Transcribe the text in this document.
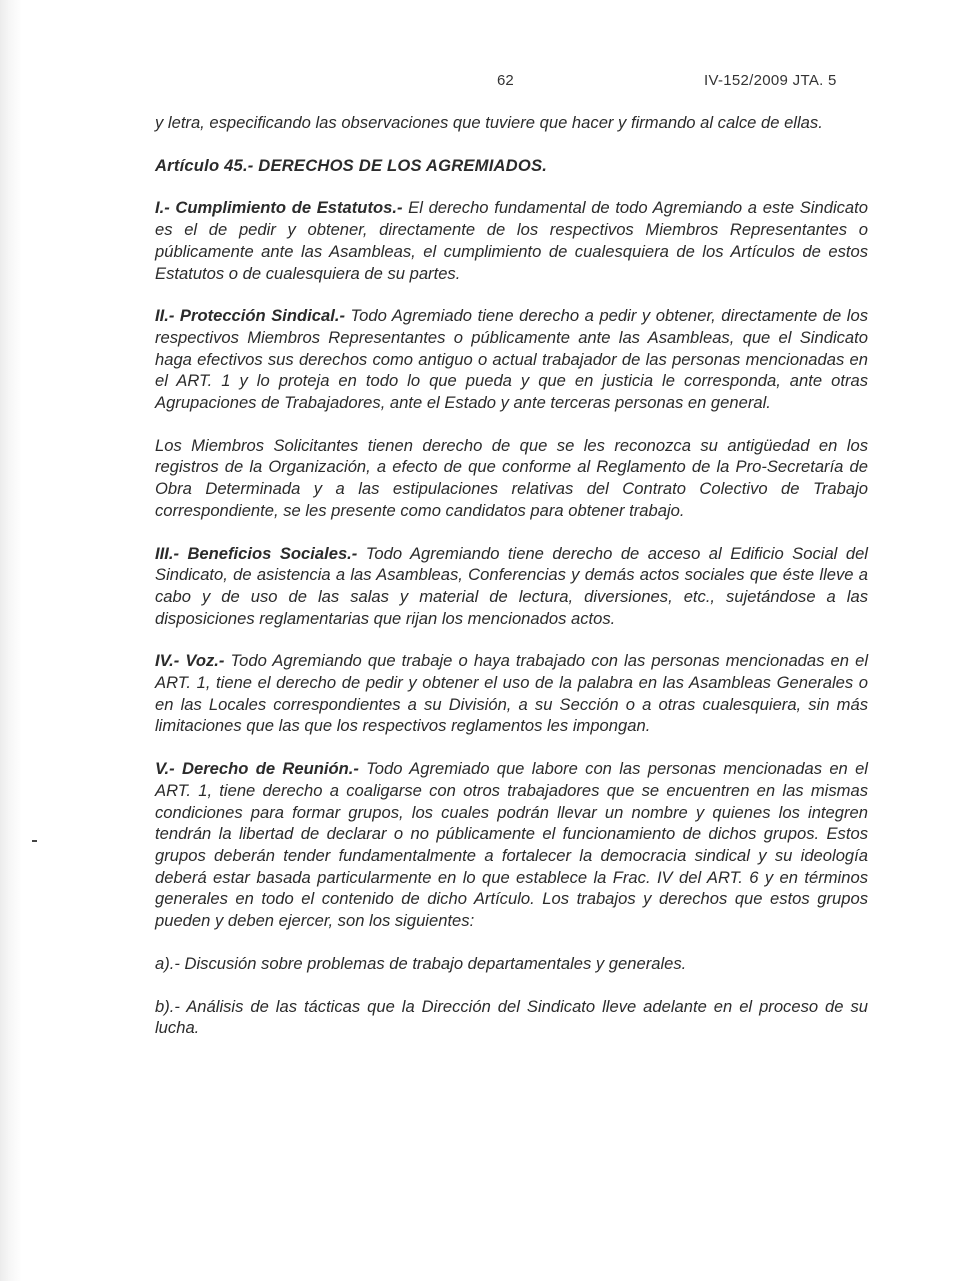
62	IV-152/2009 JTA. 5

y letra, especificando las observaciones que tuviere que hacer y firmando al calce de ellas.

Artículo 45.- DERECHOS DE LOS AGREMIADOS.

I.- Cumplimiento de Estatutos.- El derecho fundamental de todo Agremiando a este Sindicato es el de pedir y obtener, directamente de los respectivos Miembros Representantes o públicamente ante las Asambleas, el cumplimiento de cualesquiera de los Artículos de estos Estatutos o de cualesquiera de su partes.

II.- Protección Sindical.- Todo Agremiado tiene derecho a pedir y obtener, directamente de los respectivos Miembros Representantes o públicamente ante las Asambleas, que el Sindicato haga efectivos sus derechos como antiguo o actual trabajador de las personas mencionadas en el ART. 1 y lo proteja en todo lo que pueda y que en justicia le corresponda, ante otras Agrupaciones de Trabajadores, ante el Estado y ante terceras personas en general.

Los Miembros Solicitantes tienen derecho de que se les reconozca su antigüedad en los registros de la Organización, a efecto de que conforme al Reglamento de la Pro-Secretaría de Obra Determinada y a las estipulaciones relativas del Contrato Colectivo de Trabajo correspondiente, se les presente como candidatos para obtener trabajo.

III.- Beneficios Sociales.- Todo Agremiando tiene derecho de acceso al Edificio Social del Sindicato, de asistencia a las Asambleas, Conferencias y demás actos sociales que éste lleve a cabo y de uso de las salas y material de lectura, diversiones, etc., sujetándose a las disposiciones reglamentarias que rijan los mencionados actos.

IV.- Voz.- Todo Agremiando que trabaje o haya trabajado con las personas mencionadas en el ART. 1, tiene el derecho de pedir y obtener el uso de la palabra en las Asambleas Generales o en las Locales correspondientes a su División, a su Sección o a otras cualesquiera, sin más limitaciones que las que los respectivos reglamentos les impongan.

V.- Derecho de Reunión.- Todo Agremiado que labore con las personas mencionadas en el ART. 1, tiene derecho a coaligarse con otros trabajadores que se encuentren en las mismas condiciones para formar grupos, los cuales podrán llevar un nombre y quienes los integren tendrán la libertad de declarar o no públicamente el funcionamiento de dichos grupos. Estos grupos deberán tender fundamentalmente a fortalecer la democracia sindical y su ideología deberá estar basada particularmente en lo que establece la Frac. IV del ART. 6 y en términos generales en todo el contenido de dicho Artículo. Los trabajos y derechos que estos grupos pueden y deben ejercer, son los siguientes:

a).- Discusión sobre problemas de trabajo departamentales y generales.

b).- Análisis de las tácticas que la Dirección del Sindicato lleve adelante en el proceso de su lucha.
